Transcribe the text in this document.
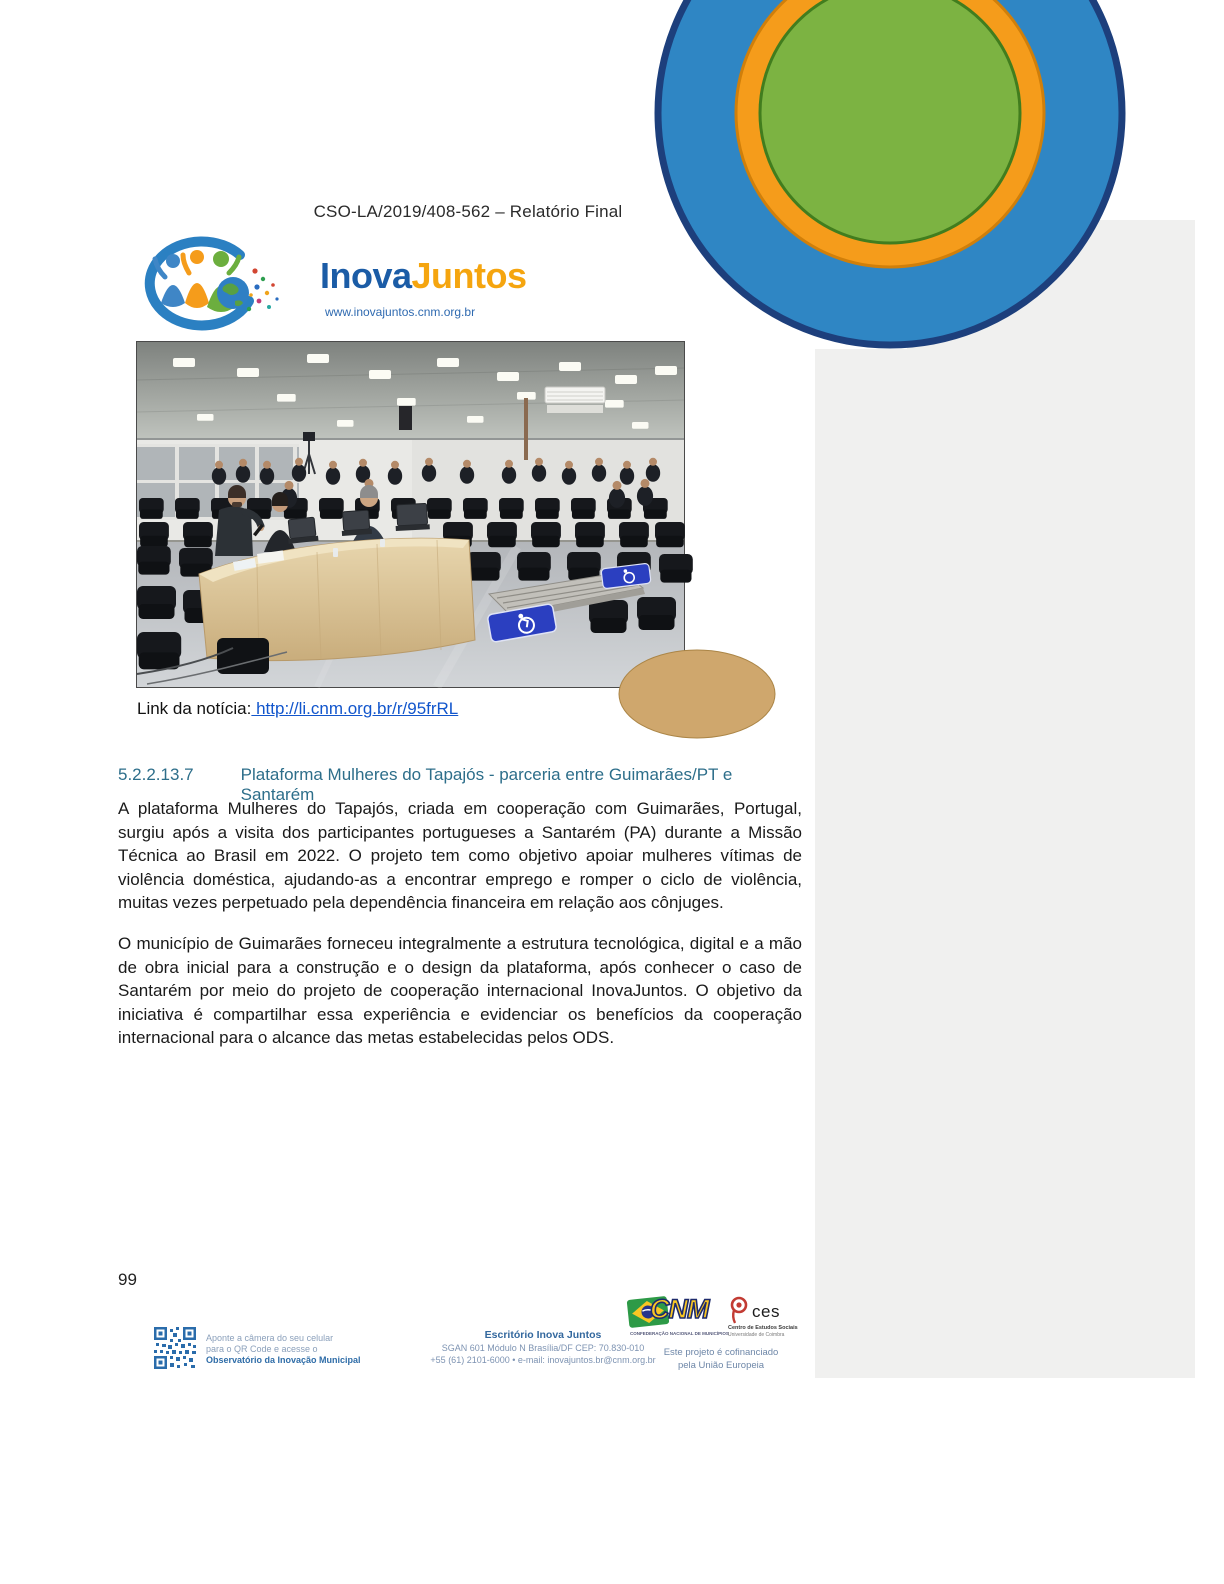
CSO-LA/2019/408-562 – Relatório Final
InovaJuntos
www.inovajuntos.cnm.org.br
Link da notícia: http://li.cnm.org.br/r/95frRL
5.2.2.13.7	Plataforma Mulheres do Tapajós - parceria entre Guimarães/PT e Santarém
A plataforma Mulheres do Tapajós, criada em cooperação com Guimarães, Portugal, surgiu após a visita dos participantes portugueses a Santarém (PA) durante a Missão Técnica ao Brasil em 2022. O projeto tem como objetivo apoiar mulheres vítimas de violência doméstica, ajudando-as a encontrar emprego e romper o ciclo de violência, muitas vezes perpetuado pela dependência financeira em relação aos cônjuges.
O município de Guimarães forneceu integralmente a estrutura tecnológica, digital e a mão de obra inicial para a construção e o design da plataforma, após conhecer o caso de Santarém por meio do projeto de cooperação internacional InovaJuntos. O objetivo da iniciativa é compartilhar essa experiência e evidenciar os benefícios da cooperação internacional para o alcance das metas estabelecidas pelos ODS.
99
Aponte a câmera do seu celular
para o QR Code e acesse o
Observatório da Inovação Municipal
Escritório Inova Juntos
SGAN 601 Módulo N Brasília/DF CEP: 70.830-010
+55 (61) 2101-6000 • e-mail: inovajuntos.br@cnm.org.br
CNM
CONFEDERAÇÃO NACIONAL DE MUNICÍPIOS
ces
Centro de Estudos Sociais
Universidade de Coimbra
Este projeto é cofinanciado
pela União Europeia
